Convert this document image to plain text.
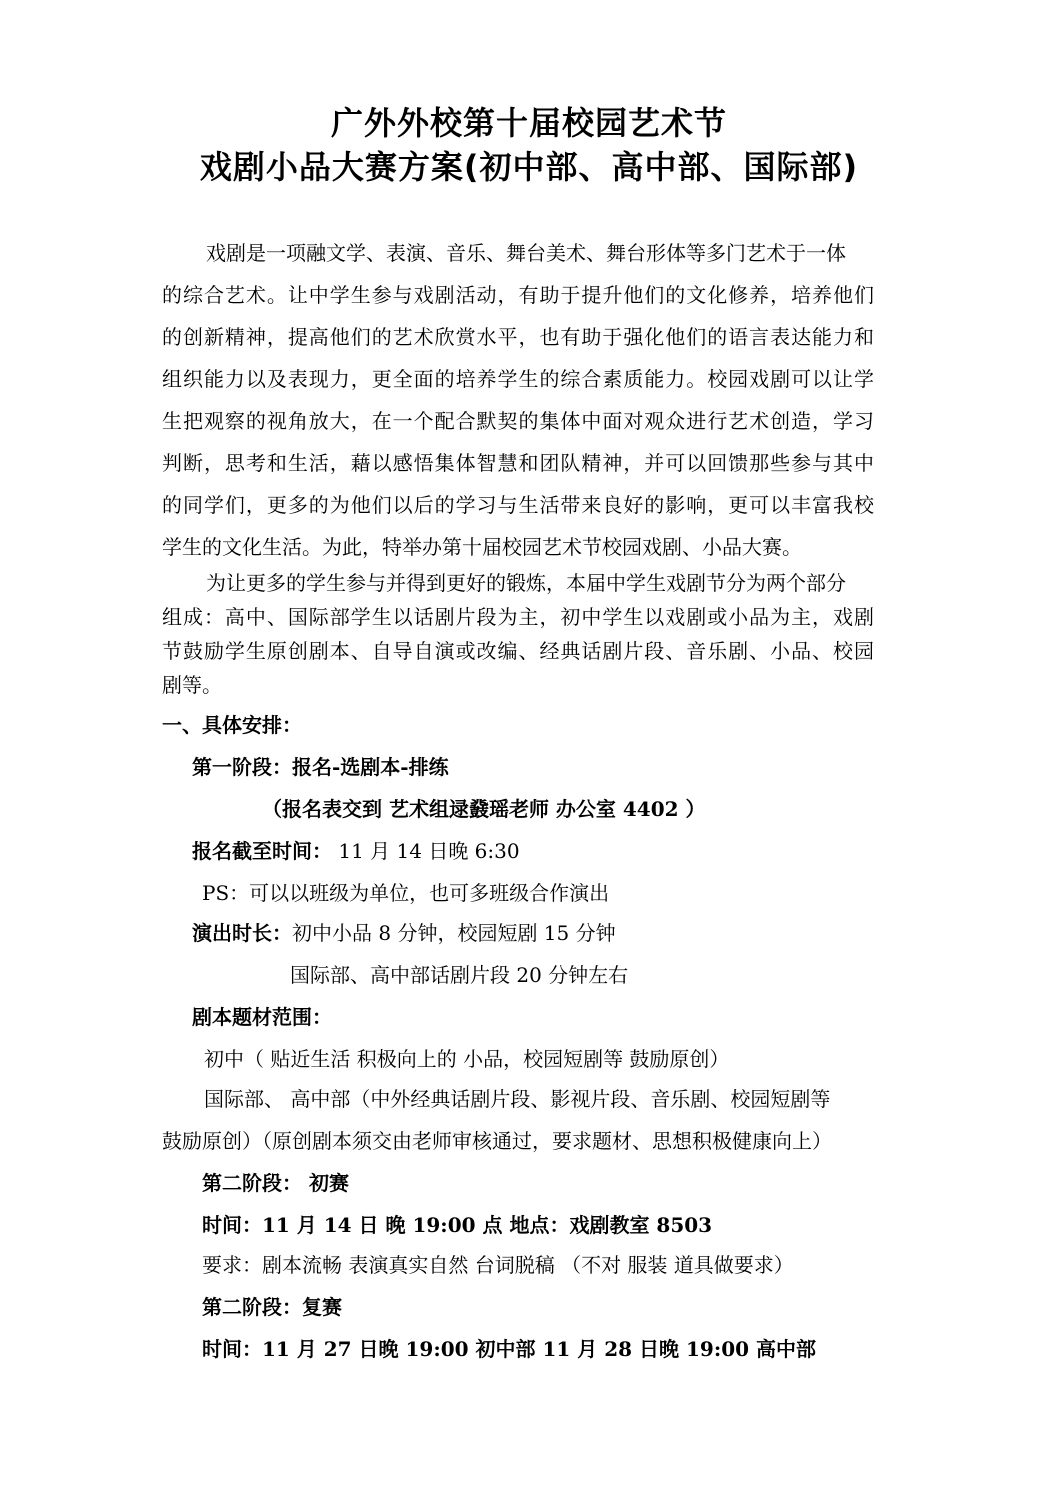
广外外校第十届校园艺术节
戏剧小品大赛方案(初中部、高中部、国际部)
戏剧是一项融文学、表演、音乐、舞台美术、舞台形体等多门艺术于一体
的综合艺术。让中学生参与戏剧活动，有助于提升他们的文化修养，培养他们
的创新精神，提高他们的艺术欣赏水平，也有助于强化他们的语言表达能力和
组织能力以及表现力，更全面的培养学生的综合素质能力。校园戏剧可以让学
生把观察的视角放大，在一个配合默契的集体中面对观众进行艺术创造，学习
判断，思考和生活，藉以感悟集体智慧和团队精神，并可以回馈那些参与其中
的同学们，更多的为他们以后的学习与生活带来良好的影响，更可以丰富我校
学生的文化生活。为此，特举办第十届校园艺术节校园戏剧、小品大赛。
为让更多的学生参与并得到更好的锻炼，本届中学生戏剧节分为两个部分
组成：高中、国际部学生以话剧片段为主，初中学生以戏剧或小品为主，戏剧
节鼓励学生原创剧本、自导自演或改编、经典话剧片段、音乐剧、小品、校园
剧等。
一、具体安排：
第一阶段：报名-选剧本-排练
（报名表交到 艺术组逯鼗瑶老师 办公室 4402 ）
报名截至时间： 11 月 14 日晚 6:30
PS：可以以班级为单位，也可多班级合作演出
演出时长：初中小品 8 分钟，校园短剧 15 分钟
国际部、高中部话剧片段 20 分钟左右
剧本题材范围：
初中（ 贴近生活 积极向上的 小品，校园短剧等 鼓励原创）
国际部、 高中部（中外经典话剧片段、影视片段、音乐剧、校园短剧等
鼓励原创）（原创剧本须交由老师审核通过，要求题材、思想积极健康向上）
第二阶段： 初赛
时间：11 月 14 日 晚 19:00 点 地点：戏剧教室 8503
要求：剧本流畅 表演真实自然 台词脱稿 （不对 服装 道具做要求）
第二阶段：复赛
时间：11 月 27 日晚 19:00 初中部 11 月 28 日晚 19:00 高中部
